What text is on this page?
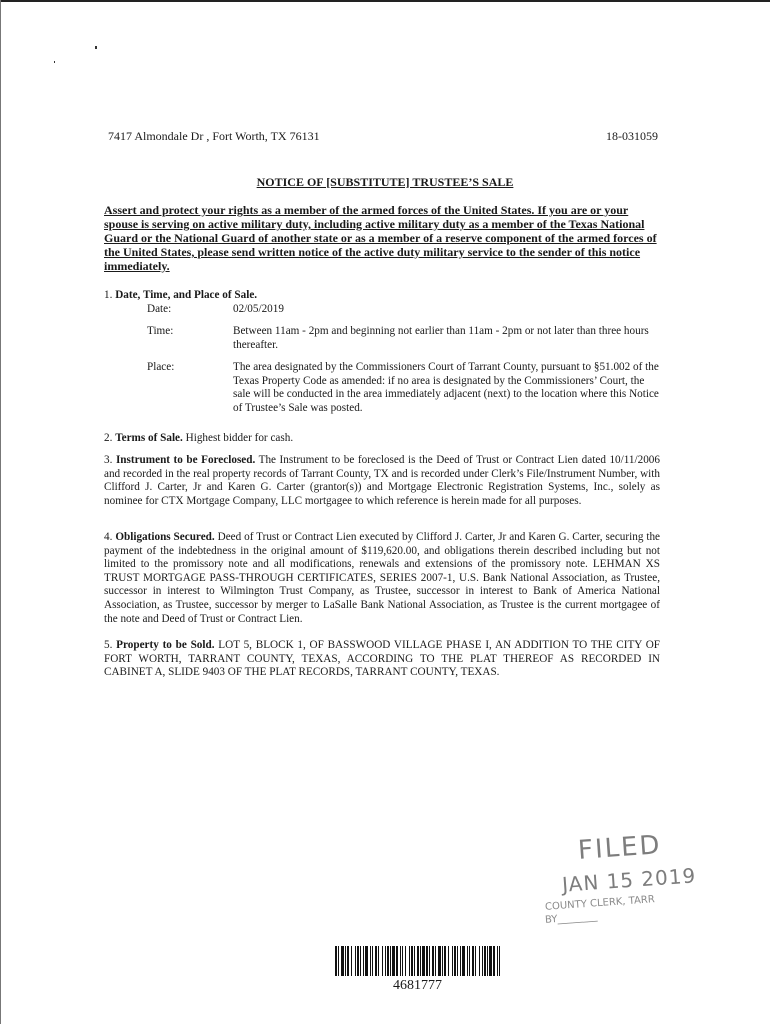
7417 Almondale Dr , Fort Worth, TX 76131	18-031059
NOTICE OF [SUBSTITUTE] TRUSTEE’S SALE
Assert and protect your rights as a member of the armed forces of the United States. If you are or your spouse is serving on active military duty, including active military duty as a member of the Texas National Guard or the National Guard of another state or as a member of a reserve component of the armed forces of the United States, please send written notice of the active duty military service to the sender of this notice immediately.
1. Date, Time, and Place of Sale.
Date:	02/05/2019
Time:	Between 11am - 2pm and beginning not earlier than 11am - 2pm or not later than three hours thereafter.
Place:	The area designated by the Commissioners Court of Tarrant County, pursuant to §51.002 of the Texas Property Code as amended: if no area is designated by the Commissioners’ Court, the sale will be conducted in the area immediately adjacent (next) to the location where this Notice of Trustee’s Sale was posted.
2. Terms of Sale. Highest bidder for cash.
3. Instrument to be Foreclosed. The Instrument to be foreclosed is the Deed of Trust or Contract Lien dated 10/11/2006 and recorded in the real property records of Tarrant County, TX and is recorded under Clerk’s File/Instrument Number, with Clifford J. Carter, Jr and Karen G. Carter (grantor(s)) and Mortgage Electronic Registration Systems, Inc., solely as nominee for CTX Mortgage Company, LLC mortgagee to which reference is herein made for all purposes.
4. Obligations Secured. Deed of Trust or Contract Lien executed by Clifford J. Carter, Jr and Karen G. Carter, securing the payment of the indebtedness in the original amount of $119,620.00, and obligations therein described including but not limited to the promissory note and all modifications, renewals and extensions of the promissory note. LEHMAN XS TRUST MORTGAGE PASS-THROUGH CERTIFICATES, SERIES 2007-1, U.S. Bank National Association, as Trustee, successor in interest to Wilmington Trust Company, as Trustee, successor in interest to Bank of America National Association, as Trustee, successor by merger to LaSalle Bank National Association, as Trustee is the current mortgagee of the note and Deed of Trust or Contract Lien.
5. Property to be Sold. LOT 5, BLOCK 1, OF BASSWOOD VILLAGE PHASE I, AN ADDITION TO THE CITY OF FORT WORTH, TARRANT COUNTY, TEXAS, ACCORDING TO THE PLAT THEREOF AS RECORDED IN CABINET A, SLIDE 9403 OF THE PLAT RECORDS, TARRANT COUNTY, TEXAS.
FILED
JAN 15 2019
COUNTY CLERK, TARR
BY________
4681777
